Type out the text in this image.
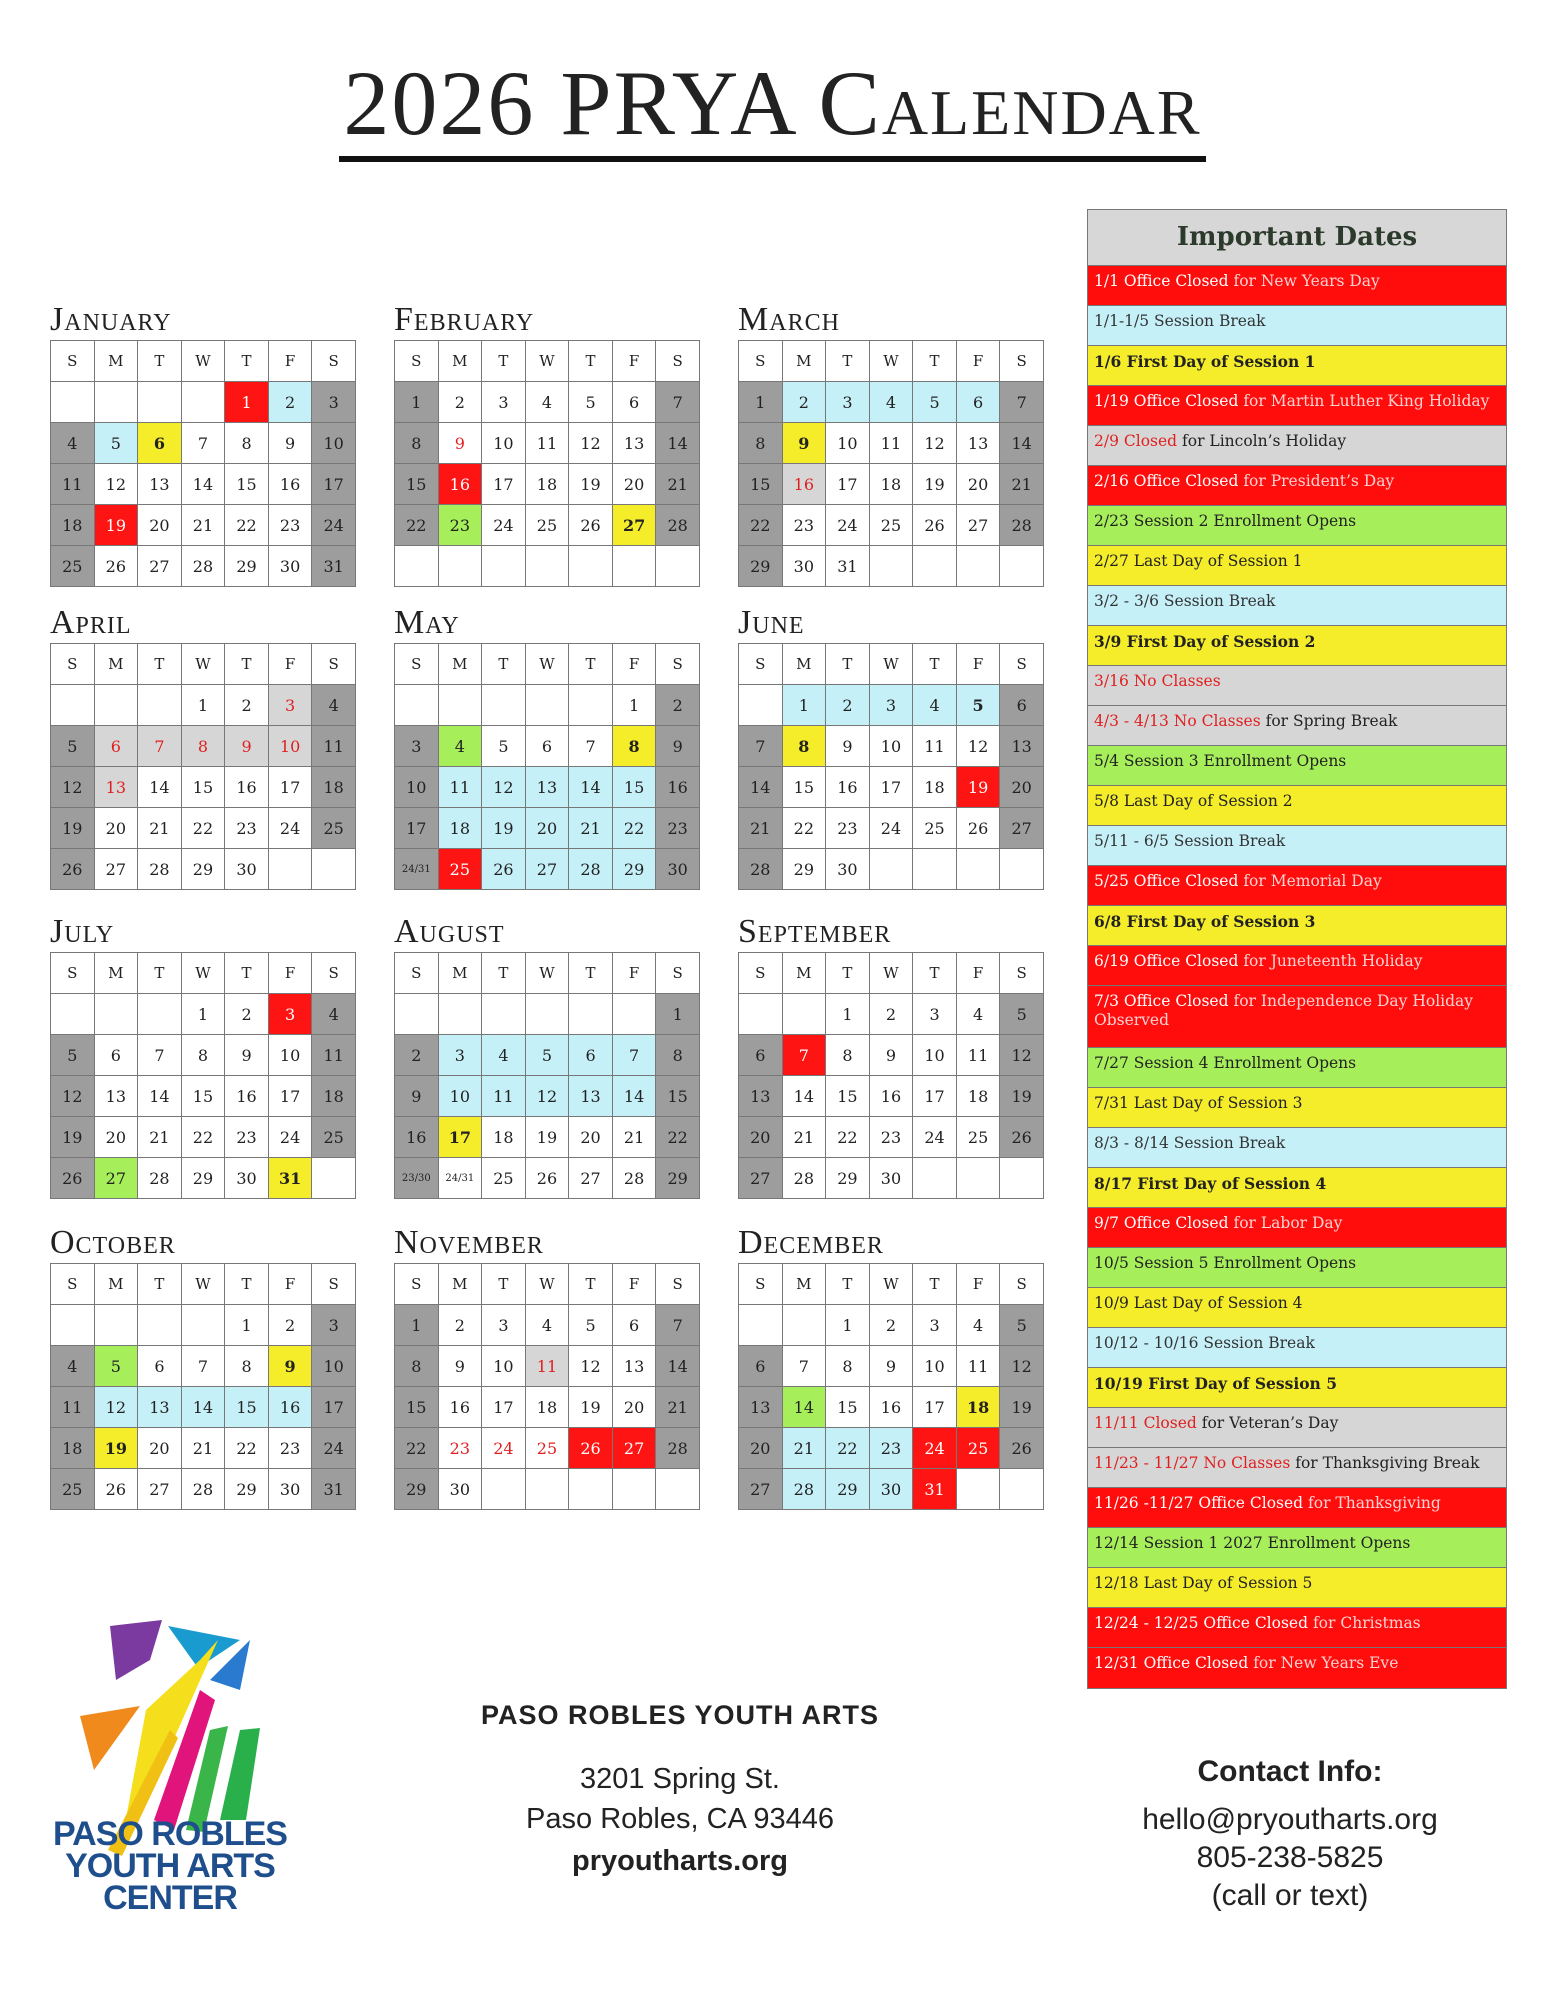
2026 PRYA Calendar
January
S	M	T	W	T	F	S
				1	2	3
4	5	6	7	8	9	10
11	12	13	14	15	16	17
18	19	20	21	22	23	24
25	26	27	28	29	30	31
February
S	M	T	W	T	F	S
1	2	3	4	5	6	7
8	9	10	11	12	13	14
15	16	17	18	19	20	21
22	23	24	25	26	27	28

March
S	M	T	W	T	F	S
1	2	3	4	5	6	7
8	9	10	11	12	13	14
15	16	17	18	19	20	21
22	23	24	25	26	27	28
29	30	31				
April
S	M	T	W	T	F	S
			1	2	3	4
5	6	7	8	9	10	11
12	13	14	15	16	17	18
19	20	21	22	23	24	25
26	27	28	29	30		
May
S	M	T	W	T	F	S
					1	2
3	4	5	6	7	8	9
10	11	12	13	14	15	16
17	18	19	20	21	22	23
24/31	25	26	27	28	29	30
June
S	M	T	W	T	F	S
	1	2	3	4	5	6
7	8	9	10	11	12	13
14	15	16	17	18	19	20
21	22	23	24	25	26	27
28	29	30				
July
S	M	T	W	T	F	S
			1	2	3	4
5	6	7	8	9	10	11
12	13	14	15	16	17	18
19	20	21	22	23	24	25
26	27	28	29	30	31	
August
S	M	T	W	T	F	S
						1
2	3	4	5	6	7	8
9	10	11	12	13	14	15
16	17	18	19	20	21	22
23/30	24/31	25	26	27	28	29
September
S	M	T	W	T	F	S
		1	2	3	4	5
6	7	8	9	10	11	12
13	14	15	16	17	18	19
20	21	22	23	24	25	26
27	28	29	30			
October
S	M	T	W	T	F	S
				1	2	3
4	5	6	7	8	9	10
11	12	13	14	15	16	17
18	19	20	21	22	23	24
25	26	27	28	29	30	31
November
S	M	T	W	T	F	S
1	2	3	4	5	6	7
8	9	10	11	12	13	14
15	16	17	18	19	20	21
22	23	24	25	26	27	28
29	30					
December
S	M	T	W	T	F	S
		1	2	3	4	5
6	7	8	9	10	11	12
13	14	15	16	17	18	19
20	21	22	23	24	25	26
27	28	29	30	31		
Important Dates
1/1 Office Closed for New Years Day
1/1-1/5 Session Break
1/6 First Day of Session 1
1/19 Office Closed for Martin Luther King Holiday
2/9 Closed for Lincoln’s Holiday
2/16 Office Closed for President’s Day
2/23 Session 2 Enrollment Opens
2/27 Last Day of Session 1
3/2 - 3/6 Session Break
3/9 First Day of Session 2
3/16 No Classes
4/3 - 4/13 No Classes for Spring Break
5/4 Session 3 Enrollment Opens
5/8 Last Day of Session 2
5/11 - 6/5 Session Break
5/25 Office Closed for Memorial Day
6/8 First Day of Session 3
6/19 Office Closed for Juneteenth Holiday
7/3 Office Closed for Independence Day Holiday Observed
7/27 Session 4 Enrollment Opens
7/31 Last Day of Session 3
8/3 - 8/14 Session Break
8/17 First Day of Session 4
9/7 Office Closed for Labor Day
10/5 Session 5 Enrollment Opens
10/9 Last Day of Session 4
10/12 - 10/16 Session Break
10/19 First Day of Session 5
11/11 Closed for Veteran’s Day
11/23 - 11/27 No Classes for Thanksgiving Break
11/26 -11/27 Office Closed for Thanksgiving
12/14 Session 1 2027 Enrollment Opens
12/18 Last Day of Session 5
12/24 - 12/25 Office Closed for Christmas
12/31 Office Closed for New Years Eve
PASO ROBLES
YOUTH ARTS
CENTER
PASO ROBLES YOUTH ARTS
3201 Spring St.
Paso Robles, CA 93446
pryoutharts.org
Contact Info:
hello@pryoutharts.org
805-238-5825
(call or text)
